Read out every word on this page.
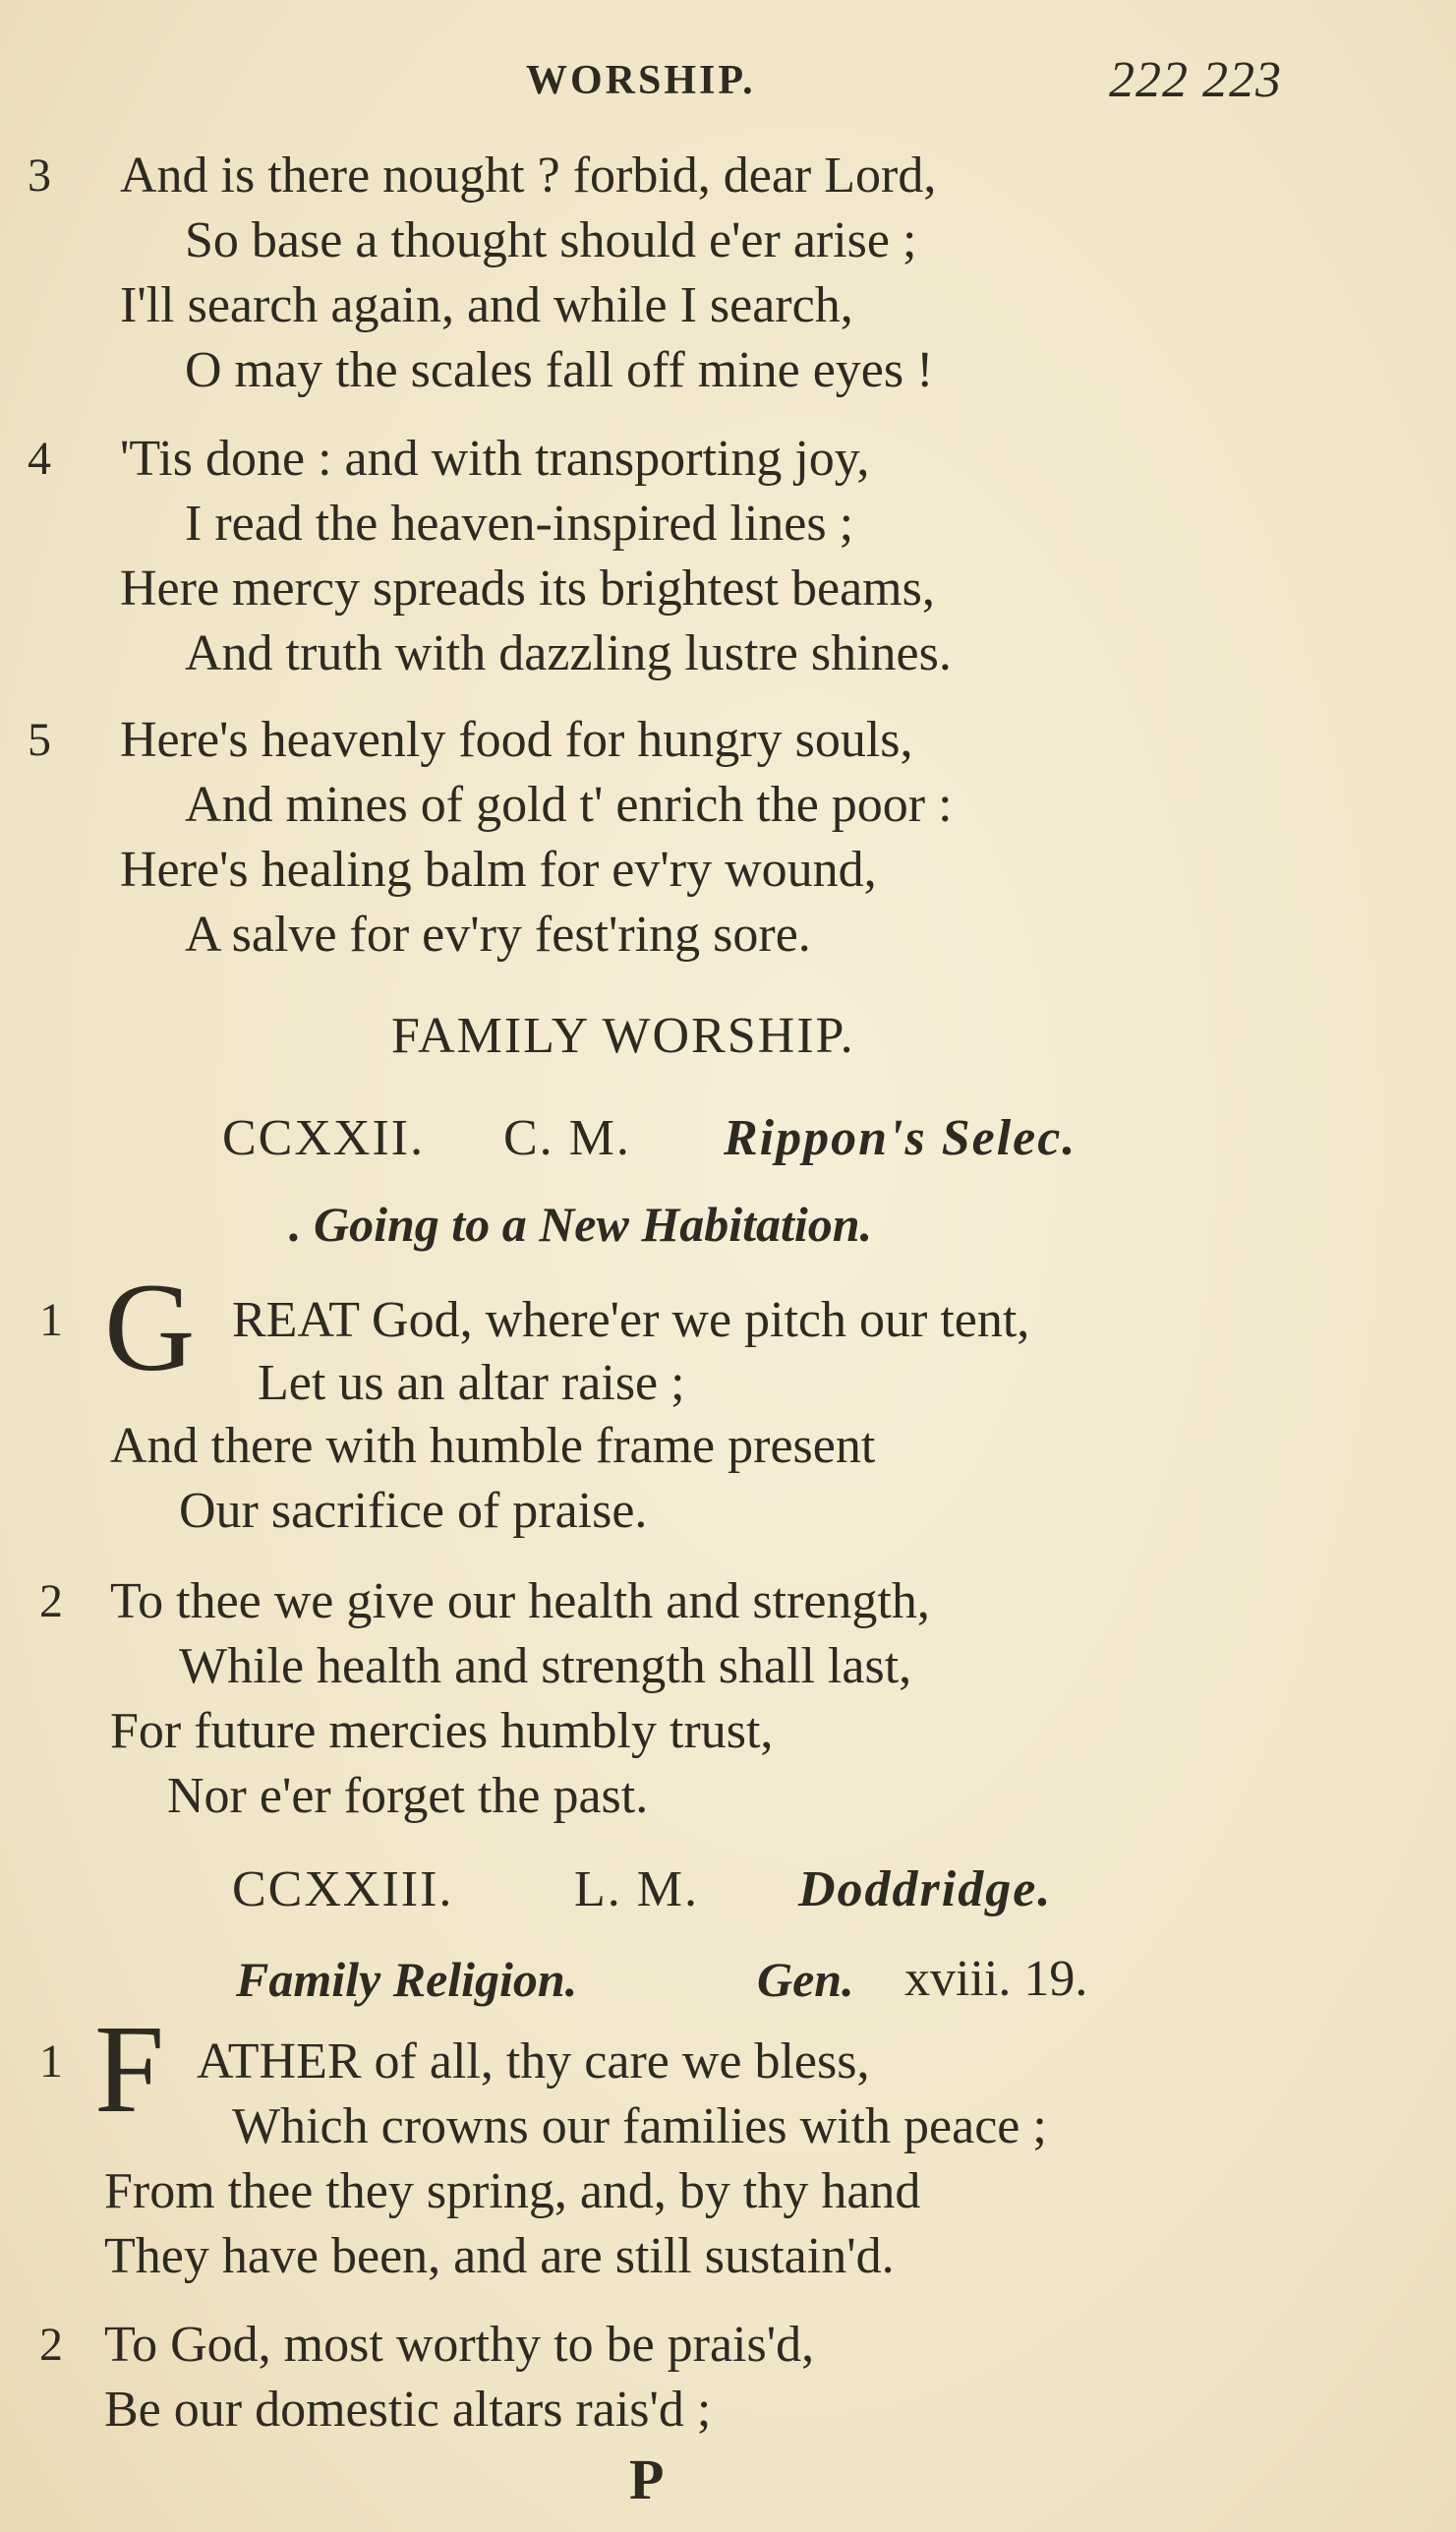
WORSHIP.	222 223
3 And is there nought ? forbid, dear Lord,
So base a thought should e'er arise ;
I'll search again, and while I search,
O may the scales fall off mine eyes !
4 'Tis done : and with transporting joy,
I read the heaven-inspired lines ;
Here mercy spreads its brightest beams,
And truth with dazzling lustre shines.
5 Here's heavenly food for hungry souls,
And mines of gold t' enrich the poor :
Here's healing balm for ev'ry wound,
A salve for ev'ry fest'ring sore.
FAMILY WORSHIP.
CCXXII. C. M. Rippon's Selec.
. Going to a New Habitation.
1 G REAT God, where'er we pitch our tent,
Let us an altar raise ;
And there with humble frame present
Our sacrifice of praise.
2 To thee we give our health and strength,
While health and strength shall last,
For future mercies humbly trust,
Nor e'er forget the past.
CCXXIII. L. M. Doddridge.
Family Religion.	Gen. xviii. 19.
1 F ATHER of all, thy care we bless,
Which crowns our families with peace ;
From thee they spring, and, by thy hand
They have been, and are still sustain'd.
2 To God, most worthy to be prais'd,
Be our domestic altars rais'd ;
P
